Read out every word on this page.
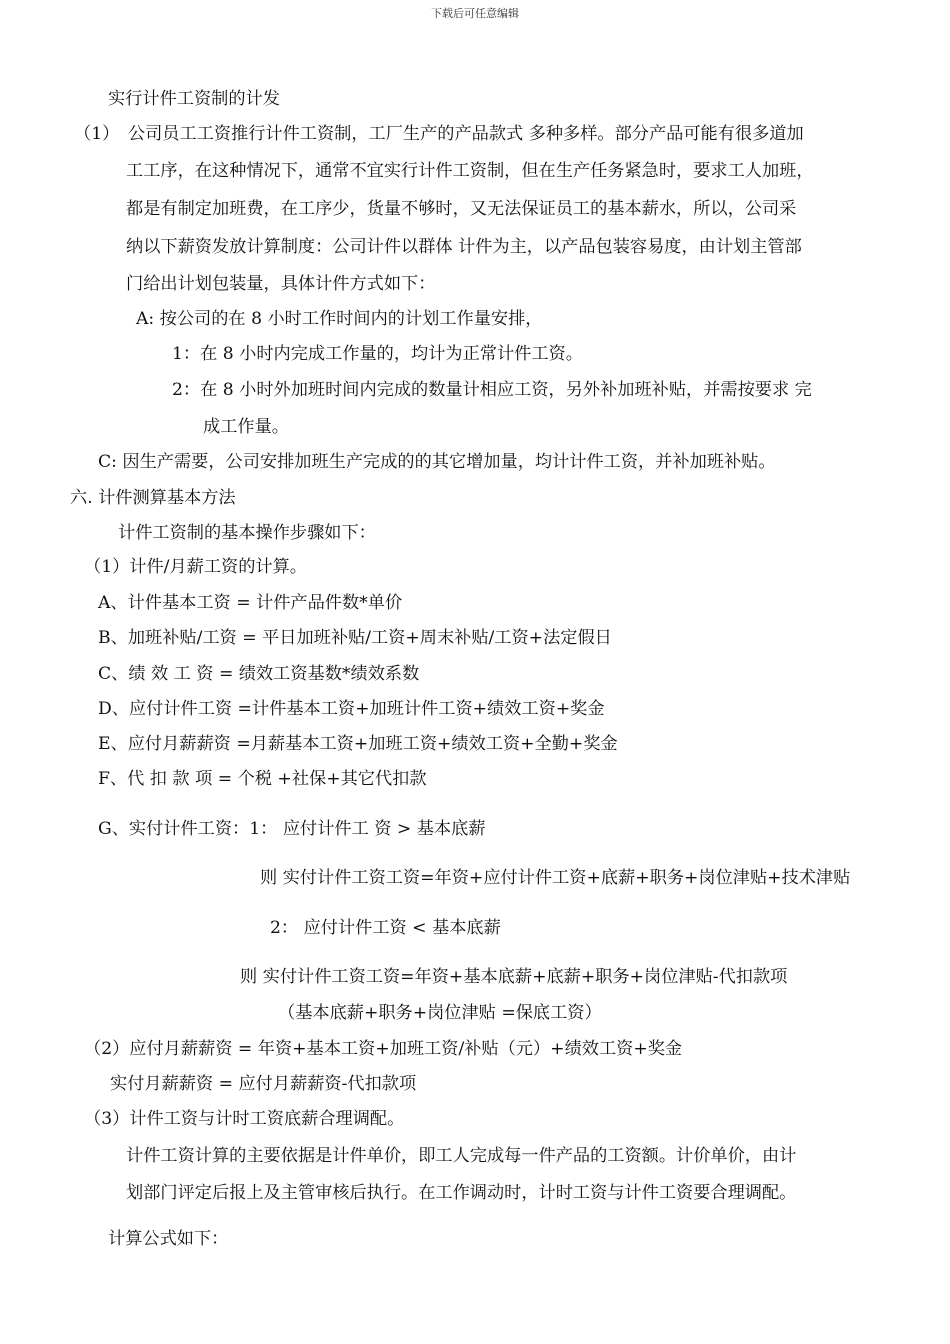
下载后可任意编辑
实行计件工资制的计发
（1）　公司员工工资推行计件工资制，工厂生产的产品款式 多种多样。部分产品可能有很多道加
工工序，在这种情况下，通常不宜实行计件工资制，但在生产任务紧急时，要求工人加班，
都是有制定加班费，在工序少，货量不够时，又无法保证员工的基本薪水，所以，公司采
纳以下薪资发放计算制度：公司计件以群体 计件为主，以产品包装容易度，由计划主管部
门给出计划包装量，具体计件方式如下：
A: 按公司的在 8 小时工作时间内的计划工作量安排，
1：在 8 小时内完成工作量的，均计为正常计件工资。
2：在 8 小时外加班时间内完成的数量计相应工资，另外补加班补贴，并需按要求 完
成工作量。
C: 因生产需要，公司安排加班生产完成的的其它增加量，均计计件工资，并补加班补贴。
六. 计件测算基本方法
计件工资制的基本操作步骤如下：
（1）计件/月薪工资的计算。
A、计件基本工资 = 计件产品件数*单价
B、加班补贴/工资 = 平日加班补贴/工资+周末补贴/工资+法定假日
C、绩 效 工 资 = 绩效工资基数*绩效系数
D、应付计件工资 =计件基本工资+加班计件工资+绩效工资+奖金
E、应付月薪薪资 =月薪基本工资+加班工资+绩效工资+全勤+奖金
F、代 扣 款 项 = 个税 +社保+其它代扣款
G、实付计件工资：1： 应付计件工 资 > 基本底薪
则 实付计件工资工资=年资+应付计件工资+底薪+职务+岗位津贴+技术津贴
2： 应付计件工资 < 基本底薪
则 实付计件工资工资=年资+基本底薪+底薪+职务+岗位津贴-代扣款项
（基本底薪+职务+岗位津贴 =保底工资）
（2）应付月薪薪资 = 年资+基本工资+加班工资/补贴（元）+绩效工资+奖金
实付月薪薪资 = 应付月薪薪资-代扣款项
（3）计件工资与计时工资底薪合理调配。
计件工资计算的主要依据是计件单价，即工人完成每一件产品的工资额。计价单价，由计
划部门评定后报上及主管审核后执行。在工作调动时，计时工资与计件工资要合理调配。
计算公式如下：
